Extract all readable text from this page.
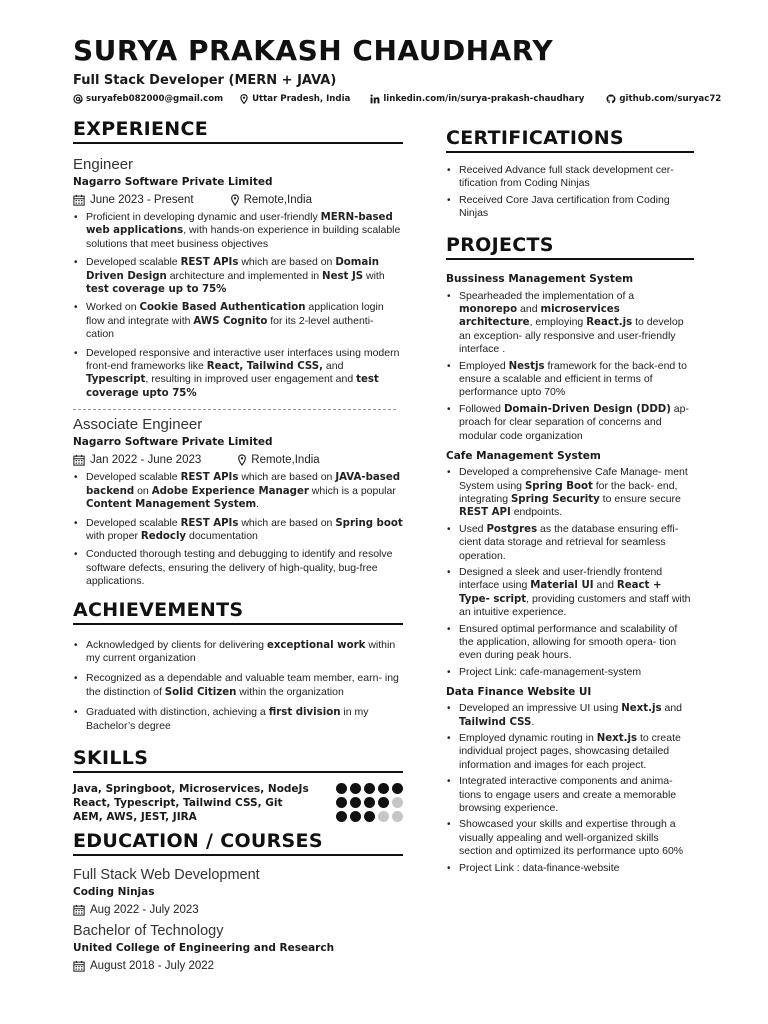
SURYA PRAKASH CHAUDHARY
Full Stack Developer (MERN + JAVA)
suryafeb082000@gmail.com	Uttar Pradesh, India	linkedin.com/in/surya-prakash-chaudhary	github.com/suryac72
EXPERIENCE
Engineer
Nagarro Software Private Limited
June 2023 - Present	Remote,India
• Proficient in developing dynamic and user-friendly MERN-based web applications, with hands-on experience in building scalable solutions that meet business objectives
• Developed scalable REST APIs which are based on Domain Driven Design architecture and implemented in Nest JS with test coverage up to 75%
• Worked on Cookie Based Authentication application login flow and integrate with AWS Cognito for its 2-level authenti- cation
• Developed responsive and interactive user interfaces using modern front-end frameworks like React, Tailwind CSS, and Typescript, resulting in improved user engagement and test coverage upto 75%
Associate Engineer
Nagarro Software Private Limited
Jan 2022 - June 2023	Remote,India
• Developed scalable REST APIs which are based on JAVA-based backend on Adobe Experience Manager which is a popular Content Management System.
• Developed scalable REST APIs which are based on Spring boot with proper Redocly documentation
• Conducted thorough testing and debugging to identify and resolve software defects, ensuring the delivery of high-quality, bug-free applications.
ACHIEVEMENTS
• Acknowledged by clients for delivering exceptional work within my current organization
• Recognized as a dependable and valuable team member, earn- ing the distinction of Solid Citizen within the organization
• Graduated with distinction, achieving a first division in my Bachelor’s degree
SKILLS
Java, Springboot, Microservices, NodeJs
React, Typescript, Tailwind CSS, Git
AEM, AWS, JEST, JIRA
EDUCATION / COURSES
Full Stack Web Development
Coding Ninjas
Aug 2022 - July 2023
Bachelor of Technology
United College of Engineering and Research
August 2018 - July 2022
CERTIFICATIONS
• Received Advance full stack development cer- tification from Coding Ninjas
• Received Core Java certification from Coding Ninjas
PROJECTS
Bussiness Management System
• Spearheaded the implementation of a monorepo and microservices architecture, employing React.js to develop an exception- ally responsive and user-friendly interface .
• Employed Nestjs framework for the back-end to ensure a scalable and efficient in terms of performance upto 70%
• Followed Domain-Driven Design (DDD) ap- proach for clear separation of concerns and modular code organization
Cafe Management System
• Developed a comprehensive Cafe Manage- ment System using Spring Boot for the back- end, integrating Spring Security to ensure secure REST API endpoints.
• Used Postgres as the database ensuring effi- cient data storage and retrieval for seamless operation.
• Designed a sleek and user-friendly frontend interface using Material UI and React + Type- script, providing customers and staff with an intuitive experience.
• Ensured optimal performance and scalability of the application, allowing for smooth opera- tion even during peak hours.
• Project Link: cafe-management-system
Data Finance Website UI
• Developed an impressive UI using Next.js and Tailwind CSS.
• Employed dynamic routing in Next.js to create individual project pages, showcasing detailed information and images for each project.
• Integrated interactive components and anima- tions to engage users and create a memorable browsing experience.
• Showcased your skills and expertise through a visually appealing and well-organized skills section and optimized its performance upto 60%
• Project Link : data-finance-website
